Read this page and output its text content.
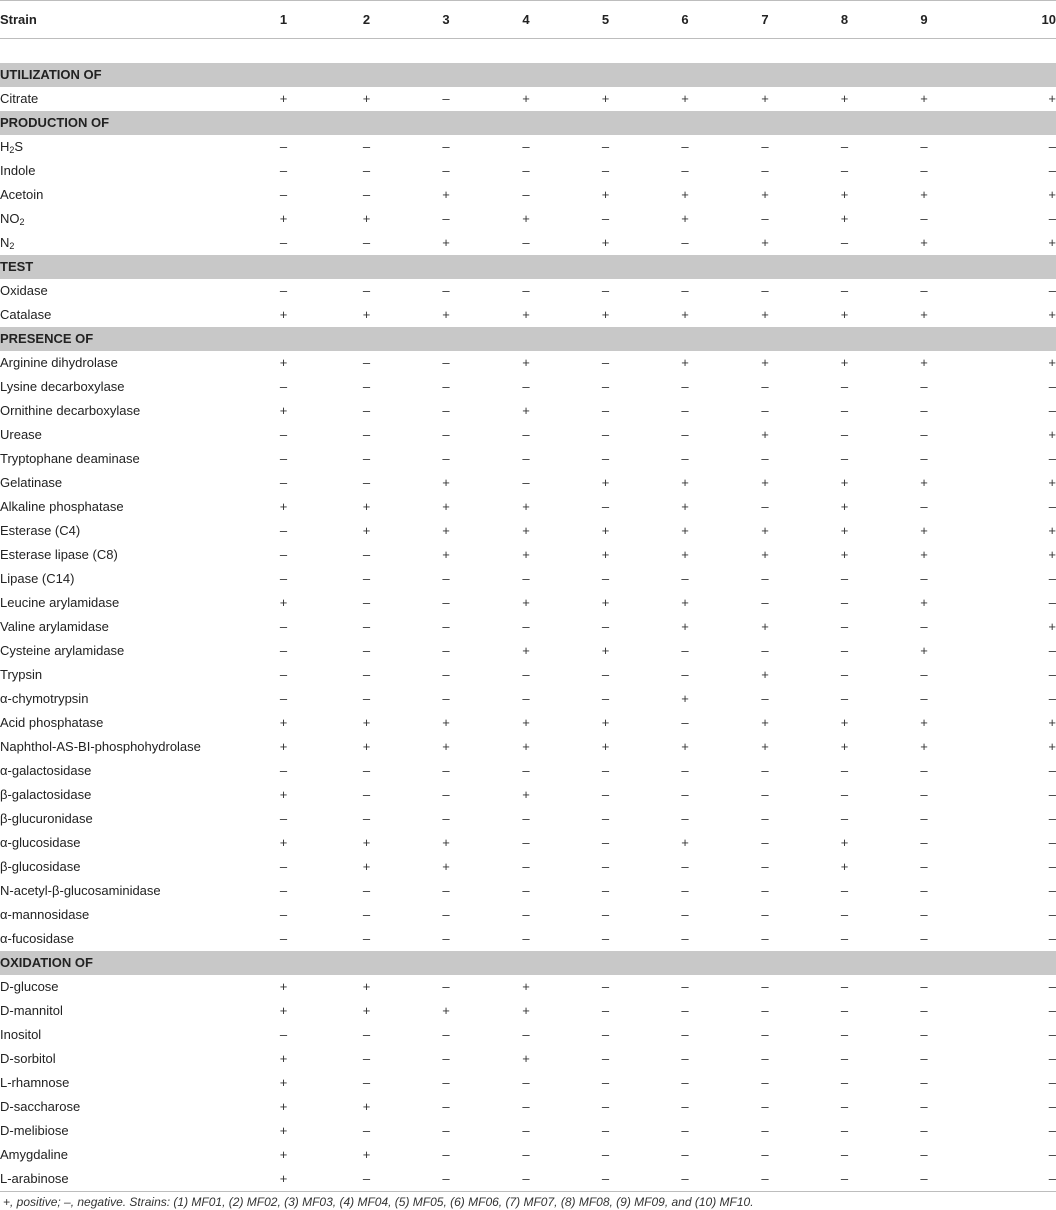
Strain	1	2	3	4	5	6	7	8	9	10

UTILIZATION OF										
Citrate	+	+	–	+	+	+	+	+	+	+
PRODUCTION OF										
$H_2S$	–	–	–	–	–	–	–	–	–	–
Indole	–	–	–	–	–	–	–	–	–	–
Acetoin	–	–	+	–	+	+	+	+	+	+
$NO_2$	+	+	–	+	–	+	–	+	–	–
$N_2$	–	–	+	–	+	–	+	–	+	+
TEST										
Oxidase	–	–	–	–	–	–	–	–	–	–
Catalase	+	+	+	+	+	+	+	+	+	+
PRESENCE OF										
Arginine dihydrolase	+	–	–	+	–	+	+	+	+	+
Lysine decarboxylase	–	–	–	–	–	–	–	–	–	–
Ornithine decarboxylase	+	–	–	+	–	–	–	–	–	–
Urease	–	–	–	–	–	–	+	–	–	+
Tryptophane deaminase	–	–	–	–	–	–	–	–	–	–
Gelatinase	–	–	+	–	+	+	+	+	+	+
Alkaline phosphatase	+	+	+	+	–	+	–	+	–	–
Esterase (C4)	–	+	+	+	+	+	+	+	+	+
Esterase lipase (C8)	–	–	+	+	+	+	+	+	+	+
Lipase (C14)	–	–	–	–	–	–	–	–	–	–
Leucine arylamidase	+	–	–	+	+	+	–	–	+	–
Valine arylamidase	–	–	–	–	–	+	+	–	–	+
Cysteine arylamidase	–	–	–	+	+	–	–	–	+	–
Trypsin	–	–	–	–	–	–	+	–	–	–
α-chymotrypsin	–	–	–	–	–	+	–	–	–	–
Acid phosphatase	+	+	+	+	+	–	+	+	+	+
Naphthol-AS-BI-phosphohydrolase	+	+	+	+	+	+	+	+	+	+
α-galactosidase	–	–	–	–	–	–	–	–	–	–
β-galactosidase	+	–	–	+	–	–	–	–	–	–
β-glucuronidase	–	–	–	–	–	–	–	–	–	–
α-glucosidase	+	+	+	–	–	+	–	+	–	–
β-glucosidase	–	+	+	–	–	–	–	+	–	–
N-acetyl-β-glucosaminidase	–	–	–	–	–	–	–	–	–	–
α-mannosidase	–	–	–	–	–	–	–	–	–	–
α-fucosidase	–	–	–	–	–	–	–	–	–	–
OXIDATION OF										
D-glucose	+	+	–	+	–	–	–	–	–	–
D-mannitol	+	+	+	+	–	–	–	–	–	–
Inositol	–	–	–	–	–	–	–	–	–	–
D-sorbitol	+	–	–	+	–	–	–	–	–	–
L-rhamnose	+	–	–	–	–	–	–	–	–	–
D-saccharose	+	+	–	–	–	–	–	–	–	–
D-melibiose	+	–	–	–	–	–	–	–	–	–
Amygdaline	+	+	–	–	–	–	–	–	–	–
L-arabinose	+	–	–	–	–	–	–	–	–	–
+, positive; –, negative. Strains: (1) MF01, (2) MF02, (3) MF03, (4) MF04, (5) MF05, (6) MF06, (7) MF07, (8) MF08, (9) MF09, and (10) MF10.
